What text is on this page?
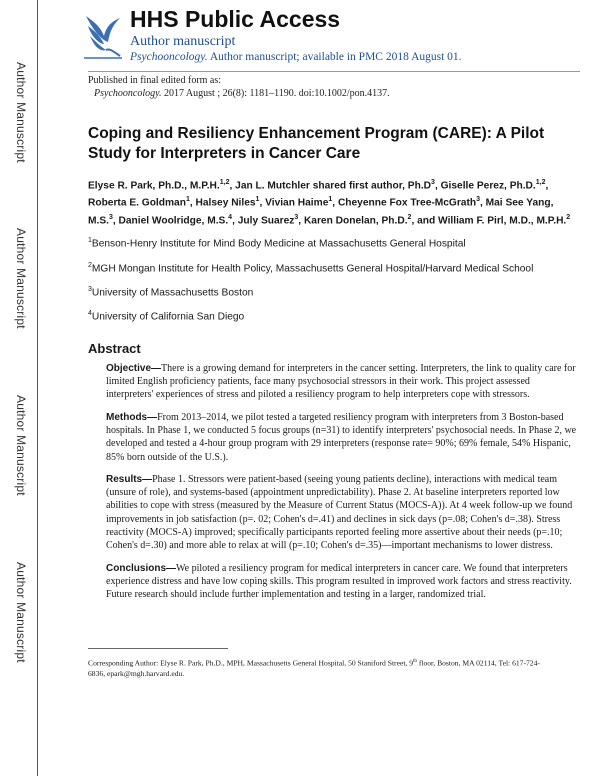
Author Manuscript
Author Manuscript
Author Manuscript
Author Manuscript
HHS Public Access
Author manuscript
Psychooncology. Author manuscript; available in PMC 2018 August 01.
Published in final edited form as:
Psychooncology. 2017 August ; 26(8): 1181–1190. doi:10.1002/pon.4137.
Coping and Resiliency Enhancement Program (CARE): A Pilot Study for Interpreters in Cancer Care

Elyse R. Park, Ph.D., M.P.H.$^{1,2}$, Jan L. Mutchler shared first author, $Ph.D^3$, Giselle Perez, Ph.D.$^{1,2}$, Roberta E. Goldman$^1$, Halsey Niles$^1$, Vivian Haime$^1$, Cheyenne Fox Tree-McGrath$^3$, Mai See Yang, M.S.$^3$, Daniel Woolridge, M.S.$^4$, July Suarez$^3$, Karen Donelan, Ph.D.$^2$, and William F. Pirl, M.D., M.P.H.$^2$

$^1$Benson-Henry Institute for Mind Body Medicine at Massachusetts General Hospital

$^2$MGH Mongan Institute for Health Policy, Massachusetts General Hospital/Harvard Medical School

$^3$University of Massachusetts Boston

$^4$University of California San Diego

Abstract

Objective—There is a growing demand for interpreters in the cancer setting. Interpreters, the link to quality care for limited English proficiency patients, face many psychosocial stressors in their work. This project assessed interpreters' experiences of stress and piloted a resiliency program to help interpreters cope with stressors.

Methods—From 2013–2014, we pilot tested a targeted resiliency program with interpreters from 3 Boston-based hospitals. In Phase 1, we conducted 5 focus groups (n=31) to identify interpreters' psychosocial needs. In Phase 2, we developed and tested a 4-hour group program with 29 interpreters (response rate= 90%; 69% female, 54% Hispanic, 85% born outside of the U.S.).

Results—Phase 1. Stressors were patient-based (seeing young patients decline), interactions with medical team (unsure of role), and systems-based (appointment unpredictability). Phase 2. At baseline interpreters reported low abilities to cope with stress (measured by the Measure of Current Status (MOCS-A)). At 4 week follow-up we found improvements in job satisfaction (p=. 02; Cohen's d=.41) and declines in sick days (p=.08; Cohen's d=.38). Stress reactivity (MOCS-A) improved; specifically participants reported feeling more assertive about their needs (p=.10; Cohen's d=.30) and more able to relax at will (p=.10; Cohen's d=.35)—important mechanisms to lower distress.

Conclusions—We piloted a resiliency program for medical interpreters in cancer care. We found that interpreters experience distress and have low coping skills. This program resulted in improved work factors and stress reactivity. Future research should include further implementation and testing in a larger, randomized trial.

Corresponding Author: Elyse R. Park, Ph.D., MPH, Massachusetts General Hospital, 50 Staniford Street, 9th floor, Boston, MA 02114, Tel: 617-724-6836, epark@mgh.harvard.edu.
